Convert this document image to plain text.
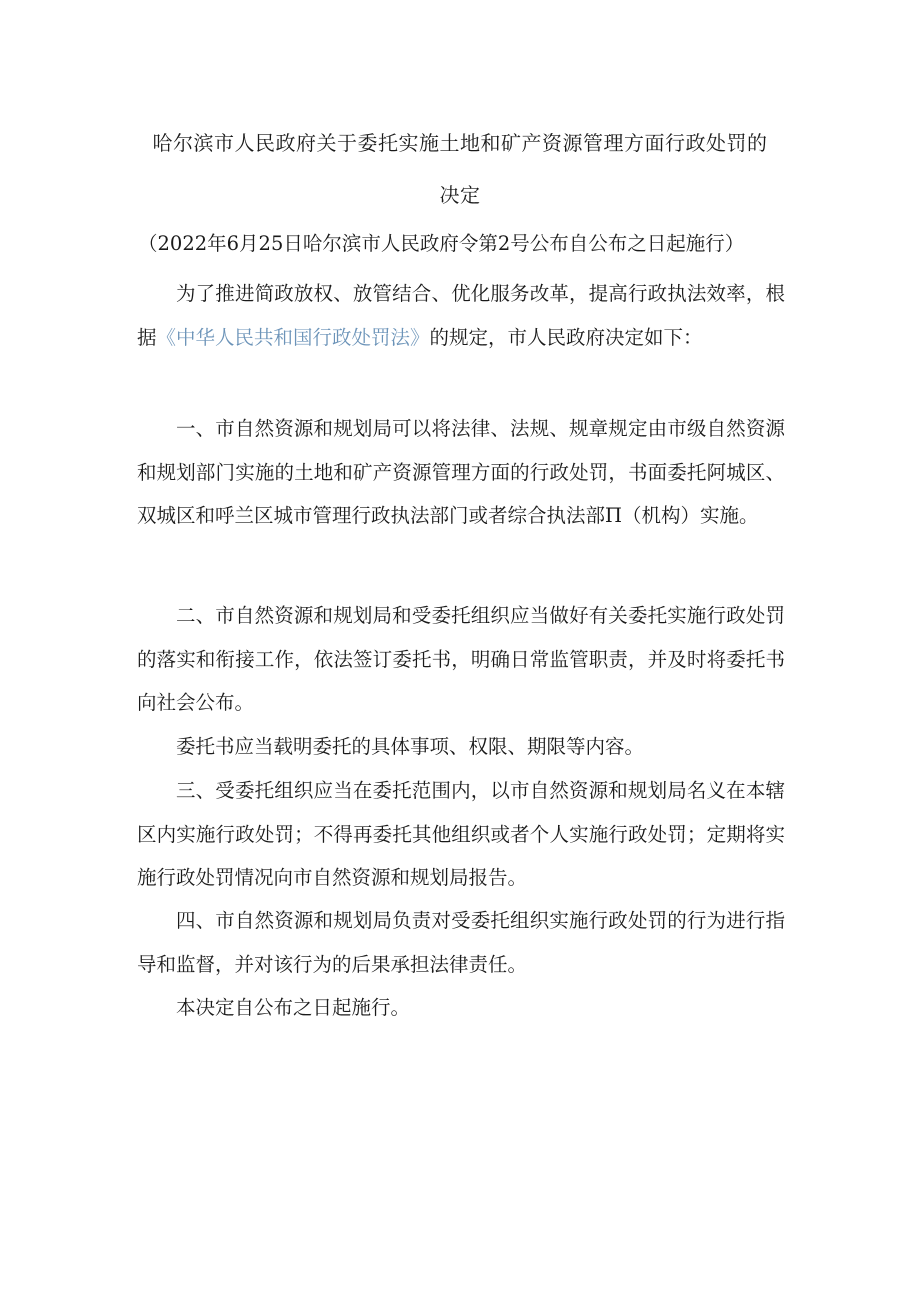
哈尔滨市人民政府关于委托实施土地和矿产资源管理方面行政处罚的
决定

（2022年6月25日哈尔滨市人民政府令第2号公布自公布之日起施行）

为了推进简政放权、放管结合、优化服务改革，提高行政执法效率，根据《中华人民共和国行政处罚法》的规定，市人民政府决定如下：

一、市自然资源和规划局可以将法律、法规、规章规定由市级自然资源和规划部门实施的土地和矿产资源管理方面的行政处罚，书面委托阿城区、双城区和呼兰区城市管理行政执法部门或者综合执法部Π（机构）实施。

二、市自然资源和规划局和受委托组织应当做好有关委托实施行政处罚的落实和衔接工作，依法签订委托书，明确日常监管职责，并及时将委托书向社会公布。

委托书应当载明委托的具体事项、权限、期限等内容。

三、受委托组织应当在委托范围内，以市自然资源和规划局名义在本辖区内实施行政处罚；不得再委托其他组织或者个人实施行政处罚；定期将实施行政处罚情况向市自然资源和规划局报告。

四、市自然资源和规划局负责对受委托组织实施行政处罚的行为进行指导和监督，并对该行为的后果承担法律责任。

本决定自公布之日起施行。
